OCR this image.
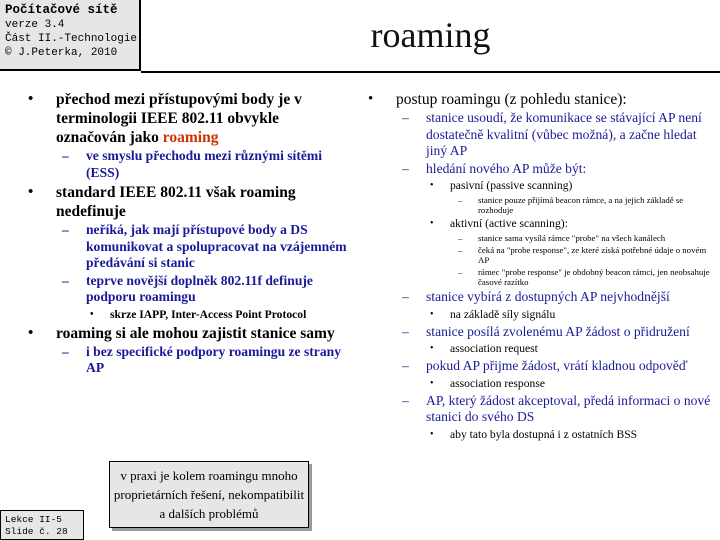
Počítačové sítě
verze 3.4
Část II.-Technologie
© J.Peterka, 2010	roaming
• přechod mezi přístupovými body je v terminologii IEEE 802.11 obvykle označován jako roaming
– ve smyslu přechodu mezi různými sítěmi (ESS)
• standard IEEE 802.11 však roaming nedefinuje
– neříká, jak mají přístupové body a DS komunikovat a spolupracovat na vzájemném předávání si stanic
– teprve novější doplněk 802.11f definuje podporu roamingu
• skrze IAPP, Inter-Access Point Protocol
• roaming si ale mohou zajistit stanice samy
– i bez specifické podpory roamingu ze strany AP
• postup roamingu (z pohledu stanice):
– stanice usoudí, že komunikace se stávající AP není dostatečně kvalitní (vůbec možná), a začne hledat jiný AP
– hledání nového AP může být:
• pasivní (passive scanning)
– stanice pouze přijímá beacon rámce, a na jejich základě se rozhoduje
• aktivní (active scanning):
– stanice sama vysílá rámce "probe" na všech kanálech
– čeká na "probe response", ze které získá potřebné údaje o novém AP
– rámec "probe response" je obdobný beacon rámci, jen neobsahuje časové razítko
– stanice vybírá z dostupných AP nejvhodnější
• na základě síly signálu
– stanice posílá zvolenému AP žádost o přidružení
• association request
– pokud AP přijme žádost, vrátí kladnou odpověď
• association response
– AP, který žádost akceptoval, předá informaci o nové stanici do svého DS
• aby tato byla dostupná i z ostatních BSS
v praxi je kolem roamingu mnoho proprietárních řešení, nekompatibilit a dalších problémů
Lekce II-5
Slide č. 28
